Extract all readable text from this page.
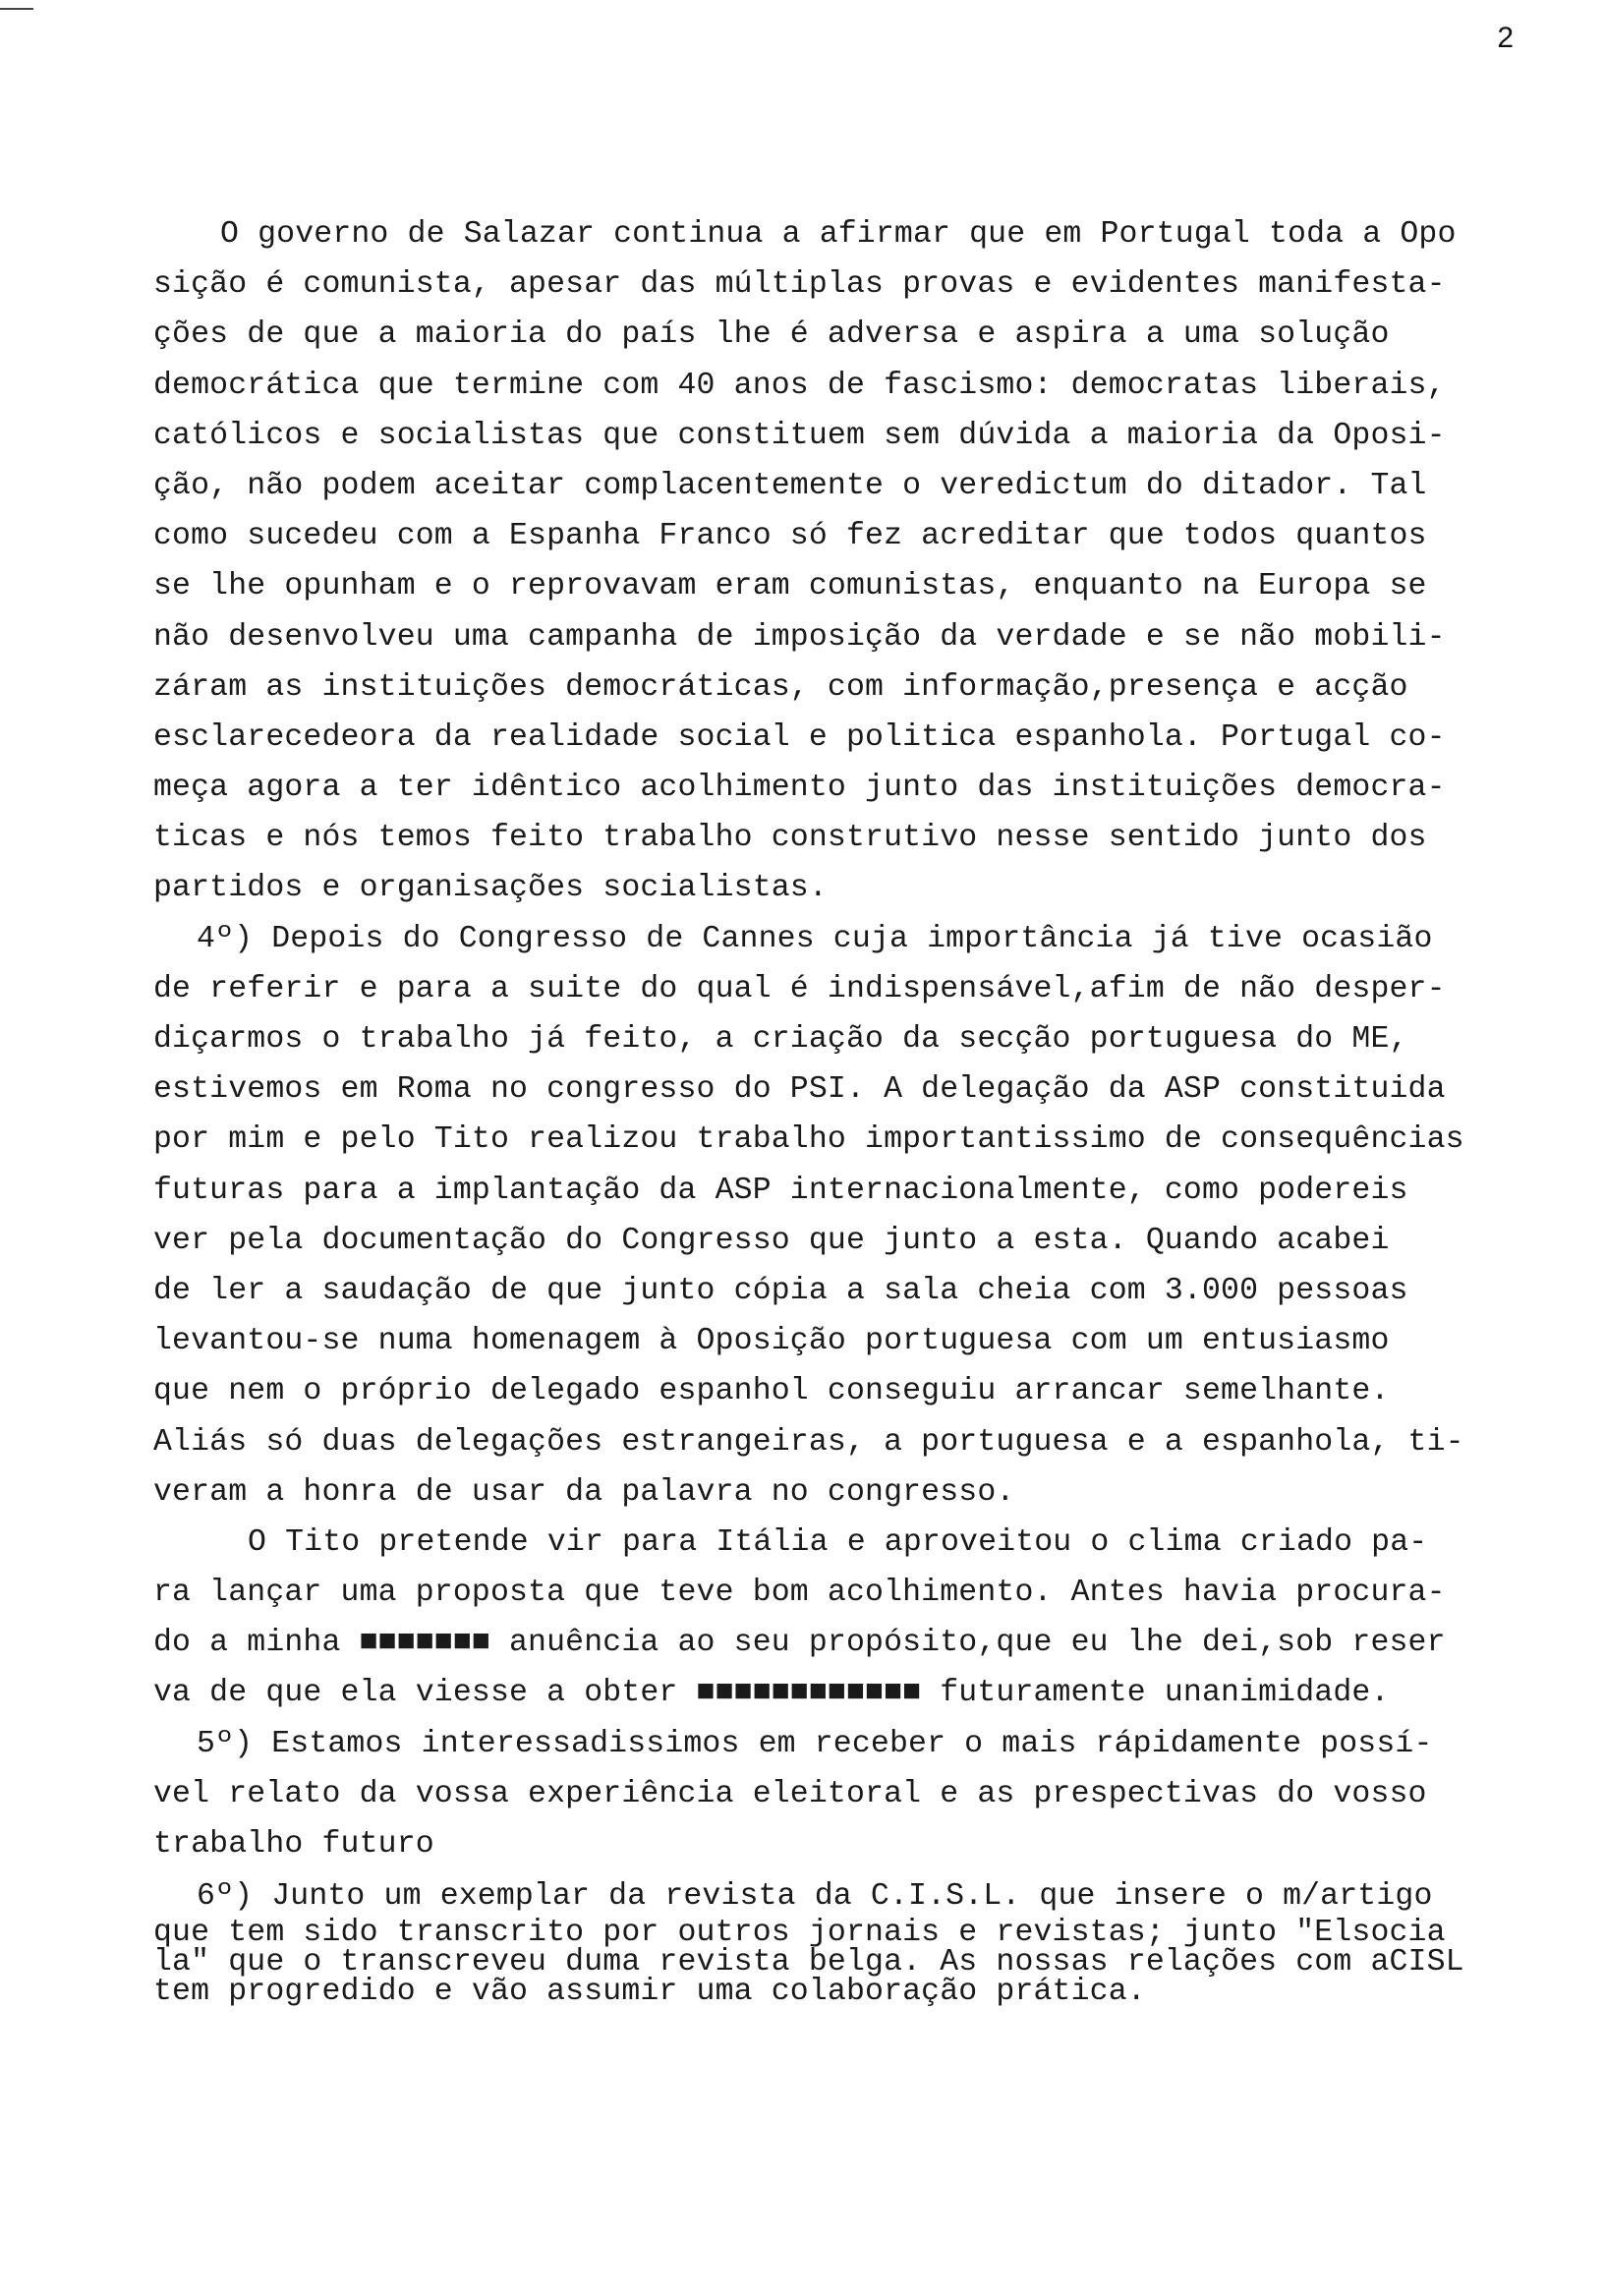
2
O governo de Salazar continua a afirmar que em Portugal toda a Opo
sição é comunista, apesar das múltiplas provas e evidentes manifesta-
ções de que a maioria do país lhe é adversa e aspira a uma solução
democrática que termine com 40 anos de fascismo: democratas liberais,
católicos e socialistas que constituem sem dúvida a maioria da Oposi-
ção, não podem aceitar complacentemente o veredictum do ditador. Tal
como sucedeu com a Espanha Franco só fez acreditar que todos quantos
se lhe opunham e o reprovavam eram comunistas, enquanto na Europa se
não desenvolveu uma campanha de imposição da verdade e se não mobili-
záram as instituições democráticas, com informação,presença e acção
esclarecedeora da realidade social e politica espanhola. Portugal co-
meça agora a ter idêntico acolhimento junto das instituições democra-
ticas e nós temos feito trabalho construtivo nesse sentido junto dos
partidos e organisações socialistas.
4º) Depois do Congresso de Cannes cuja importância já tive ocasião
de referir e para a suite do qual é indispensável,afim de não desper-
diçarmos o trabalho já feito, a criação da secção portuguesa do ME,
estivemos em Roma no congresso do PSI. A delegação da ASP constituida
por mim e pelo Tito realizou trabalho importantissimo de consequências
futuras para a implantação da ASP internacionalmente, como podereis
ver pela documentação do Congresso que junto a esta. Quando acabei
de ler a saudação de que junto cópia a sala cheia com 3.000 pessoas
levantou-se numa homenagem à Oposição portuguesa com um entusiasmo
que nem o próprio delegado espanhol conseguiu arrancar semelhante.
Aliás só duas delegações estrangeiras, a portuguesa e a espanhola, ti-
veram a honra de usar da palavra no congresso.
O Tito pretende vir para Itália e aproveitou o clima criado pa-
ra lançar uma proposta que teve bom acolhimento. Antes havia procura-
do a minha ■■■■■■■ anuência ao seu propósito,que eu lhe dei,sob reser
va de que ela viesse a obter ■■■■■■■■■■■■ futuramente unanimidade.
5º) Estamos interessadissimos em receber o mais rápidamente possí-
vel relato da vossa experiência eleitoral e as prespectivas do vosso
trabalho futuro
6º) Junto um exemplar da revista da C.I.S.L. que insere o m/artigo
que tem sido transcrito por outros jornais e revistas; junto "Elsocia
la" que o transcreveu duma revista belga. As nossas relações com aCISL
tem progredido e vão assumir uma colaboração prática.
